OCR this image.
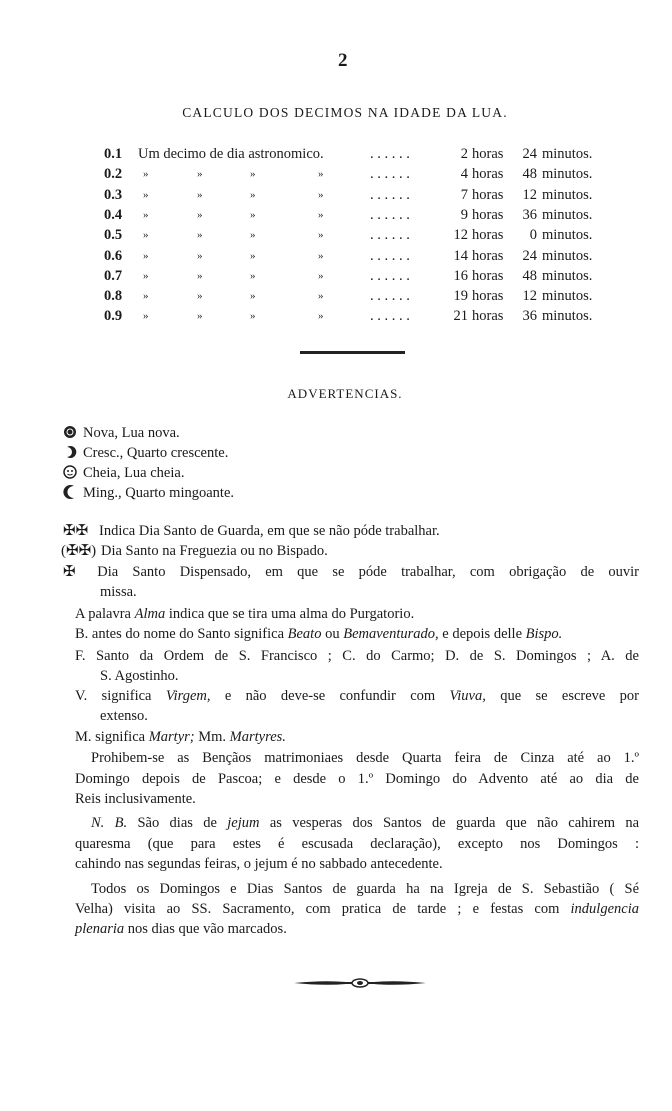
2
CALCULO DOS DECIMOS NA IDADE DA LUA.
0.1 Um decimo de dia astronomico.	. . . . . .	2 horas	24 minutos.
0.2 »	»	»	»	. . . . . .	4 horas	48 minutos.
0.3 »	»	»	»	. . . . . .	7 horas	12 minutos.
0.4 »	»	»	»	. . . . . .	9 horas	36 minutos.
0.5 »	»	»	»	. . . . . .	12 horas	0 minutos.
0.6 »	»	»	»	. . . . . .	14 horas	24 minutos.
0.7 »	»	»	»	. . . . . .	16 horas	48 minutos.
0.8 »	»	»	»	. . . . . .	19 horas	12 minutos.
0.9 »	»	»	»	. . . . . .	21 horas	36 minutos.
ADVERTENCIAS.
Nova, Lua nova.
Cresc., Quarto crescente.
Cheia, Lua cheia.
Ming., Quarto mingoante.
✠✠ Indica Dia Santo de Guarda, em que se não póde trabalhar.
(✠✠) Dia Santo na Freguezia ou no Bispado.
✠ Dia Santo Dispensado, em que se póde trabalhar, com obrigação de ouvir
missa.
A palavra Alma indica que se tira uma alma do Purgatorio.
B. antes do nome do Santo significa Beato ou Bemaventurado, e depois delle Bispo.
F. Santo da Ordem de S. Francisco ; C. do Carmo; D. de S. Domingos ; A. de
S. Agostinho.
V. significa Virgem, e não deve-se confundir com Viuva, que se escreve por
extenso.
M. significa Martyr; Mm. Martyres.
Prohibem-se as Bençãos matrimoniaes desde Quarta feira de Cinza até ao 1.º
Domingo depois de Pascoa; e desde o 1.º Domingo do Advento até ao dia de
Reis inclusivamente.
N. B. São dias de jejum as vesperas dos Santos de guarda que não cahirem na
quaresma (que para estes é escusada declaração), excepto nos Domingos :
cahindo nas segundas feiras, o jejum é no sabbado antecedente.
Todos os Domingos e Dias Santos de guarda ha na Igreja de S. Sebastião ( Sé
Velha) visita ao SS. Sacramento, com pratica de tarde ; e festas com indulgencia
plenaria nos dias que vão marcados.
